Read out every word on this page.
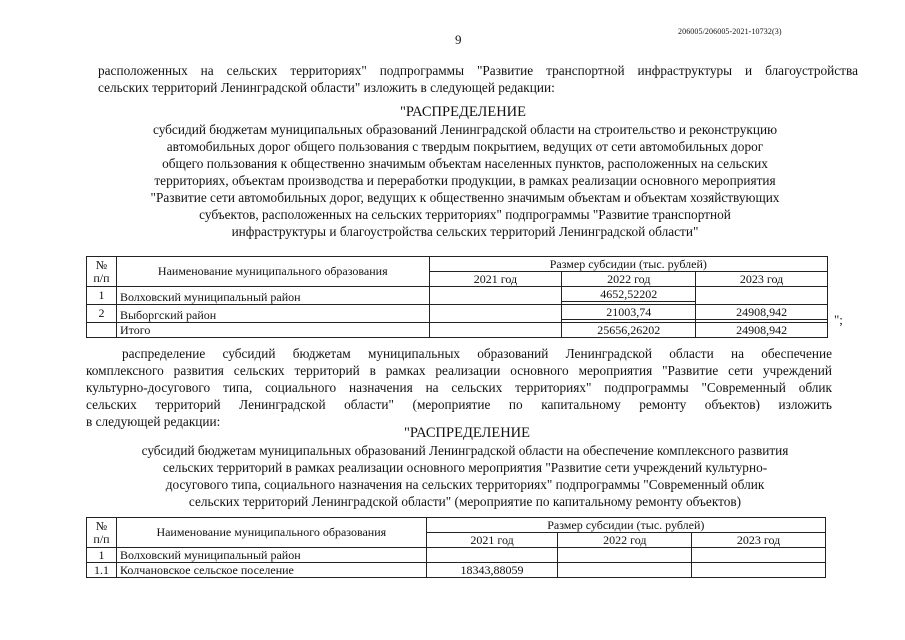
9
206005/206005-2021-10732(3)
расположенных на сельских территориях" подпрограммы "Развитие транспортной инфраструктуры и благоустройства
сельских территорий Ленинградской области" изложить в следующей редакции:
"РАСПРЕДЕЛЕНИЕ
субсидий бюджетам муниципальных образований Ленинградской области на строительство и реконструкцию
автомобильных дорог общего пользования с твердым покрытием, ведущих от сети автомобильных дорог
общего пользования к общественно значимым объектам населенных пунктов, расположенных на сельских
территориях, объектам производства и переработки продукции, в рамках реализации основного мероприятия
"Развитие сети автомобильных дорог, ведущих к общественно значимым объектам и объектам хозяйствующих
субъектов, расположенных на сельских территориях" подпрограммы "Развитие транспортной
инфраструктуры и благоустройства сельских территорий Ленинградской области"
№ п/п	Наименование муниципального образования	Размер субсидии (тыс. рублей)		
		2021 год	2022 год	2023 год
1	Волховский муниципальный район		4652,52202	

2	Выборгский район		21003,74	24908,942

	Итого		25656,26202	24908,942
";
распределение субсидий бюджетам муниципальных образований Ленинградской области на обеспечение
комплексного развития сельских территорий в рамках реализации основного мероприятия "Развитие сети учреждений
культурно-досугового типа, социального назначения на сельских территориях" подпрограммы "Современный облик
сельских территорий Ленинградской области" (мероприятие по капитальному ремонту объектов) изложить
в следующей редакции:
"РАСПРЕДЕЛЕНИЕ
субсидий бюджетам муниципальных образований Ленинградской области на обеспечение комплексного развития
сельских территорий в рамках реализации основного мероприятия "Развитие сети учреждений культурно-
досугового типа, социального назначения на сельских территориях" подпрограммы "Современный облик
сельских территорий Ленинградской области" (мероприятие по капитальному ремонту объектов)
№ п/п	Наименование муниципального образования	Размер субсидии (тыс. рублей)		
		2021 год	2022 год	2023 год
1	Волховский муниципальный район			
1.1	Колчановское сельское поселение	18343,88059		
